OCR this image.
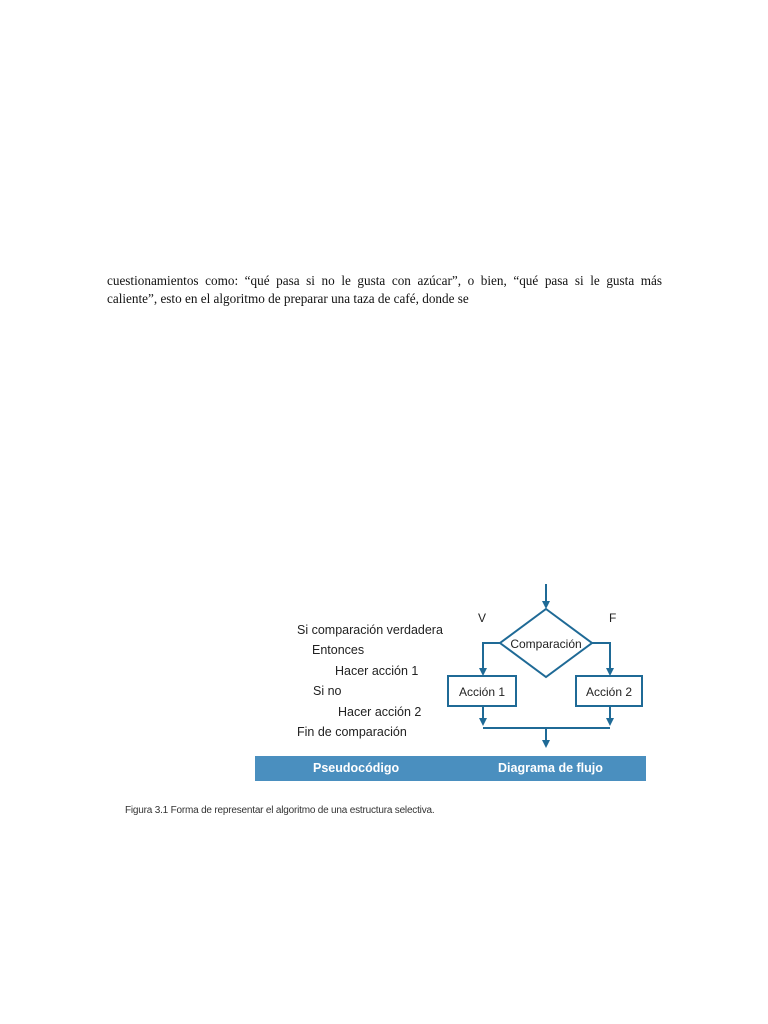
cuestionamientos como: “qué pasa si no le gusta con azúcar”, o bien, “qué pasa si le gusta más
caliente”, esto en el algoritmo de preparar una taza de café, donde se
Si comparación verdadera
Entonces
Hacer acción 1
Si no
Hacer acción 2
Fin de comparación
V	F
Comparación
Acción 1	Acción 2
Pseudocódigo	Diagrama de flujo
Figura 3.1 Forma de representar el algoritmo de una estructura selectiva.
